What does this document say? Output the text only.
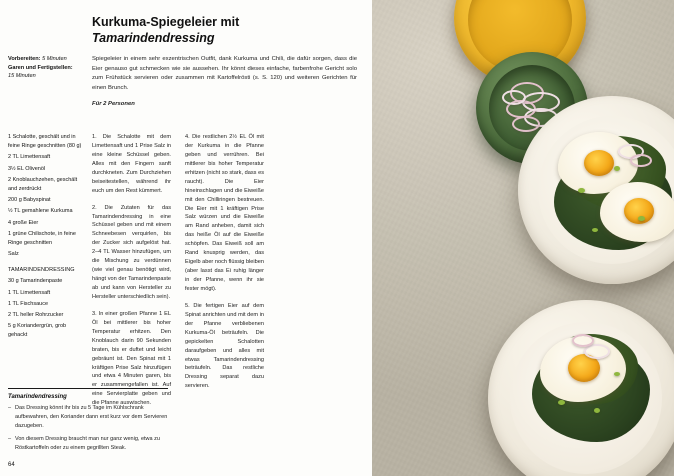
Kurkuma-Spiegeleier mit
Tamarindendressing
Vorbereiten: 5 Minuten
Garen und Fertigstellen: 15 Minuten
Spiegeleier in einem sehr exzentrischen Outfit, dank Kurkuma und Chili, die dafür sorgen, dass die Eier genauso gut schmecken wie sie aussehen. Ihr könnt dieses einfache, farbenfrohe Gericht solo zum Frühstück servieren oder zusammen mit Kartoffelrösti (s. S. 120) und weiteren Gerichten für einen Brunch.
Für 2 Personen
1 Schalotte, geschält und in feine Ringe geschnitten (80 g)
2 TL Limettensaft
3½ EL Olivenöl
2 Knoblauchzehen, geschält and zerdrückt
200 g Babyspinat
½ TL gemahlene Kurkuma
4 große Eier
1 grüne Chilischote, in feine Ringe geschnitten
Salz
TAMARINDENDRESSING
30 g Tamarindenpaste
1 TL Limettensaft
1 TL Fischsauce
2 TL heller Rohrzucker
5 g Koriandergrün, grob gehackt

1. Die Schalotte mit dem Limettensaft und 1 Prise Salz in eine kleine Schüssel geben. Alles mit den Fingern sanft durchkneten. Zum Durchziehen beiseitestellen, während ihr euch um den Rest kümmert.

2. Die Zutaten für das Tamarindendressing in eine Schüssel geben und mit einem Schneebesen verquirlen, bis der Zucker sich aufgelöst hat. 2–4 TL Wasser hinzufügen, um die Mischung zu verdünnen (wie viel genau benötigt wird, hängt von der Tamarindenpaste ab und kann von Hersteller zu Hersteller unterschiedlich sein).

3. In einer großen Pfanne 1 EL Öl bei mittlerer bis hoher Temperatur erhitzen. Den Knoblauch darin 90 Sekunden braten, bis er duftet und leicht gebräunt ist. Den Spinat mit 1 kräftigen Prise Salz hinzufügen und etwa 4 Minuten garen, bis er zusammengefallen ist. Auf eine Servierplatte geben und die Pfanne auswischen.

4. Die restlichen 2½ EL Öl mit der Kurkuma in die Pfanne geben und verrühren. Bei mittlerer bis hoher Temperatur erhitzen (nicht so stark, dass es raucht). Die Eier hineinschlagen und die Eiweiße mit den Chilliringen bestreuen. Die Eier mit 1 kräftigen Prise Salz würzen und die Eiweiße am Rand anheben, damit sich das heiße Öl auf die Eiweiße schöpfen. Das Eiweiß soll am Rand knusprig werden, das Eigelb aber noch flüssig bleiben (aber lasst das Ei ruhig länger in der Pfanne, wenn ihr sie fester mögt).

5. Die fertigen Eier auf dem Spinat anrichten und mit dem in der Pfanne verbliebenen Kurkuma-Öl beträufeln. Die gepickelten Schalotten daraufgeben und alles mit etwas Tamarindendressing beträufeln. Das restliche Dressing separat dazu servieren.

Tamarindendressing
– Das Dressing könnt ihr bis zu 5 Tage im Kühlschrank aufbewahren, den Koriander dann erst kurz vor dem Servieren dazugeben.
– Von diesem Dressing braucht man nur ganz wenig, etwa zu Röstkartoffeln oder zu einem gegrillten Steak.
64
